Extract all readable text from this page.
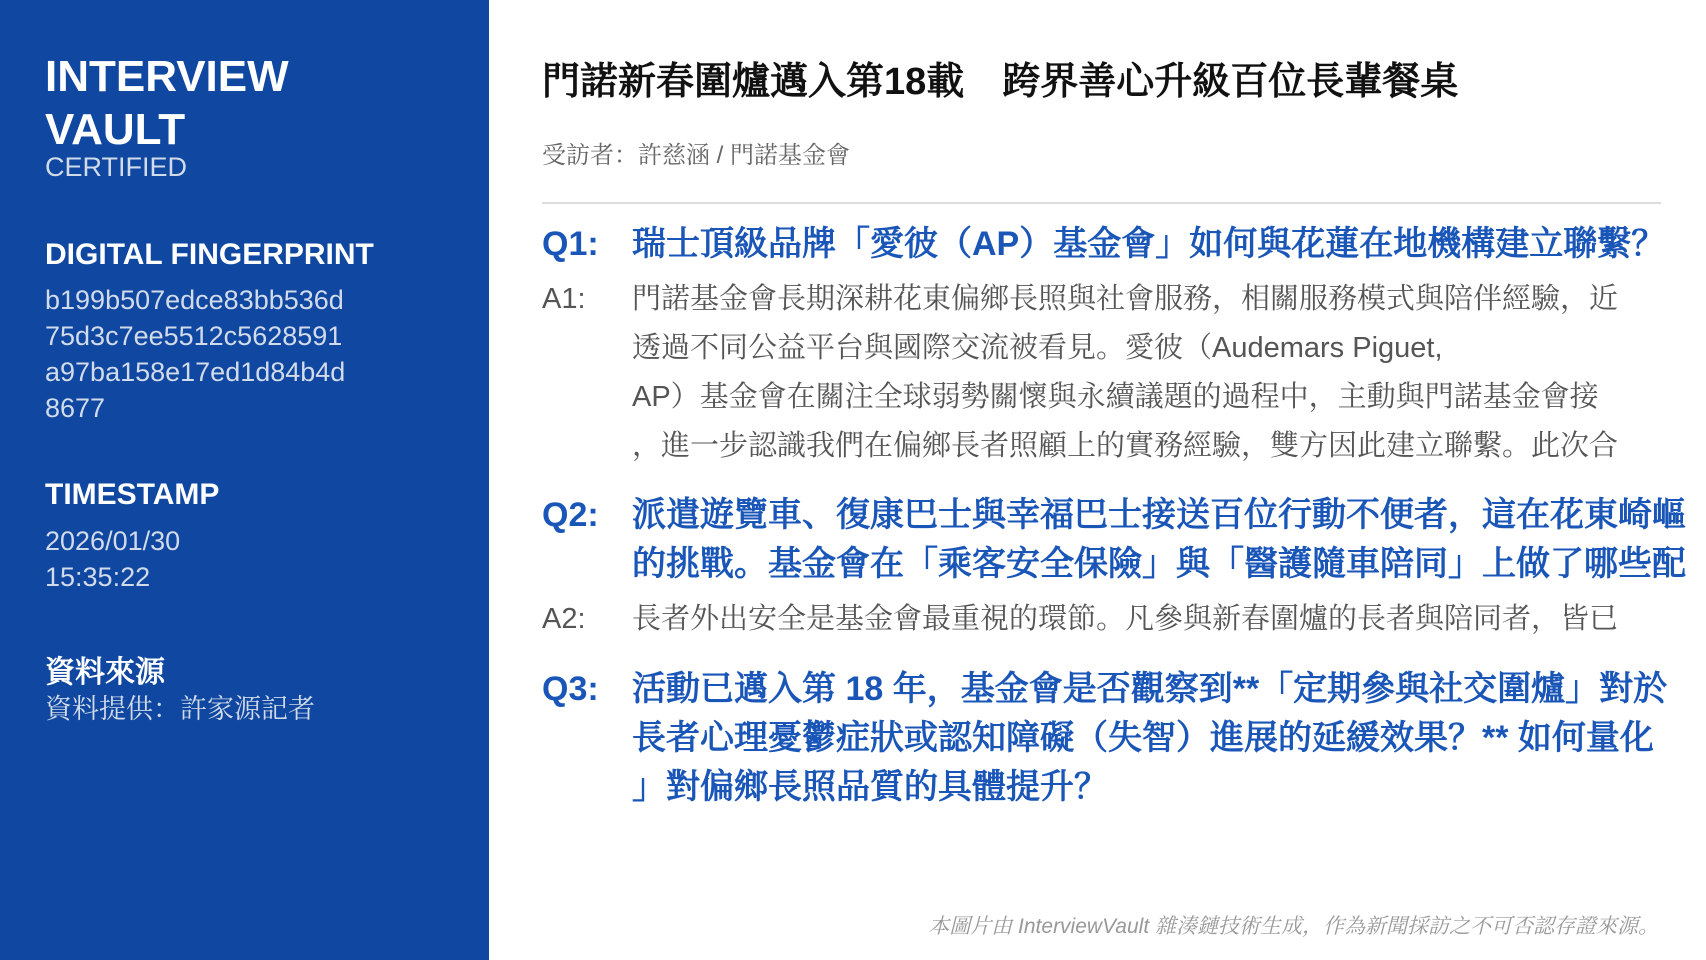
INTERVIEW
VAULT
CERTIFIED
DIGITAL FINGERPRINT
b199b507edce83bb536d
75d3c7ee5512c5628591
a97ba158e17ed1d84b4d
8677
TIMESTAMP
2026/01/30
15:35:22
資料來源
資料提供：許家源記者
門諾新春圍爐邁入第18載　跨界善心升級百位長輩餐桌
受訪者：許慈涵 / 門諾基金會
Q1: 瑞士頂級品牌「愛彼（AP）基金會」如何與花蓮在地機構建立聯繫？
A1: 門諾基金會長期深耕花東偏鄉長照與社會服務，相關服務模式與陪伴經驗，近
透過不同公益平台與國際交流被看見。愛彼（Audemars Piguet,
AP）基金會在關注全球弱勢關懷與永續議題的過程中，主動與門諾基金會接
，進一步認識我們在偏鄉長者照顧上的實務經驗，雙方因此建立聯繫。此次合
Q2: 派遣遊覽車、復康巴士與幸福巴士接送百位行動不便者，這在花東崎嶇
的挑戰。基金會在「乘客安全保險」與「醫護隨車陪同」上做了哪些配
A2: 長者外出安全是基金會最重視的環節。凡參與新春圍爐的長者與陪同者，皆已
Q3: 活動已邁入第 18 年，基金會是否觀察到**「定期參與社交圍爐」對於
長者心理憂鬱症狀或認知障礙（失智）進展的延緩效果？** 如何量化
」對偏鄉長照品質的具體提升？
本圖片由 InterviewVault 雜湊鏈技術生成，作為新聞採訪之不可否認存證來源。
